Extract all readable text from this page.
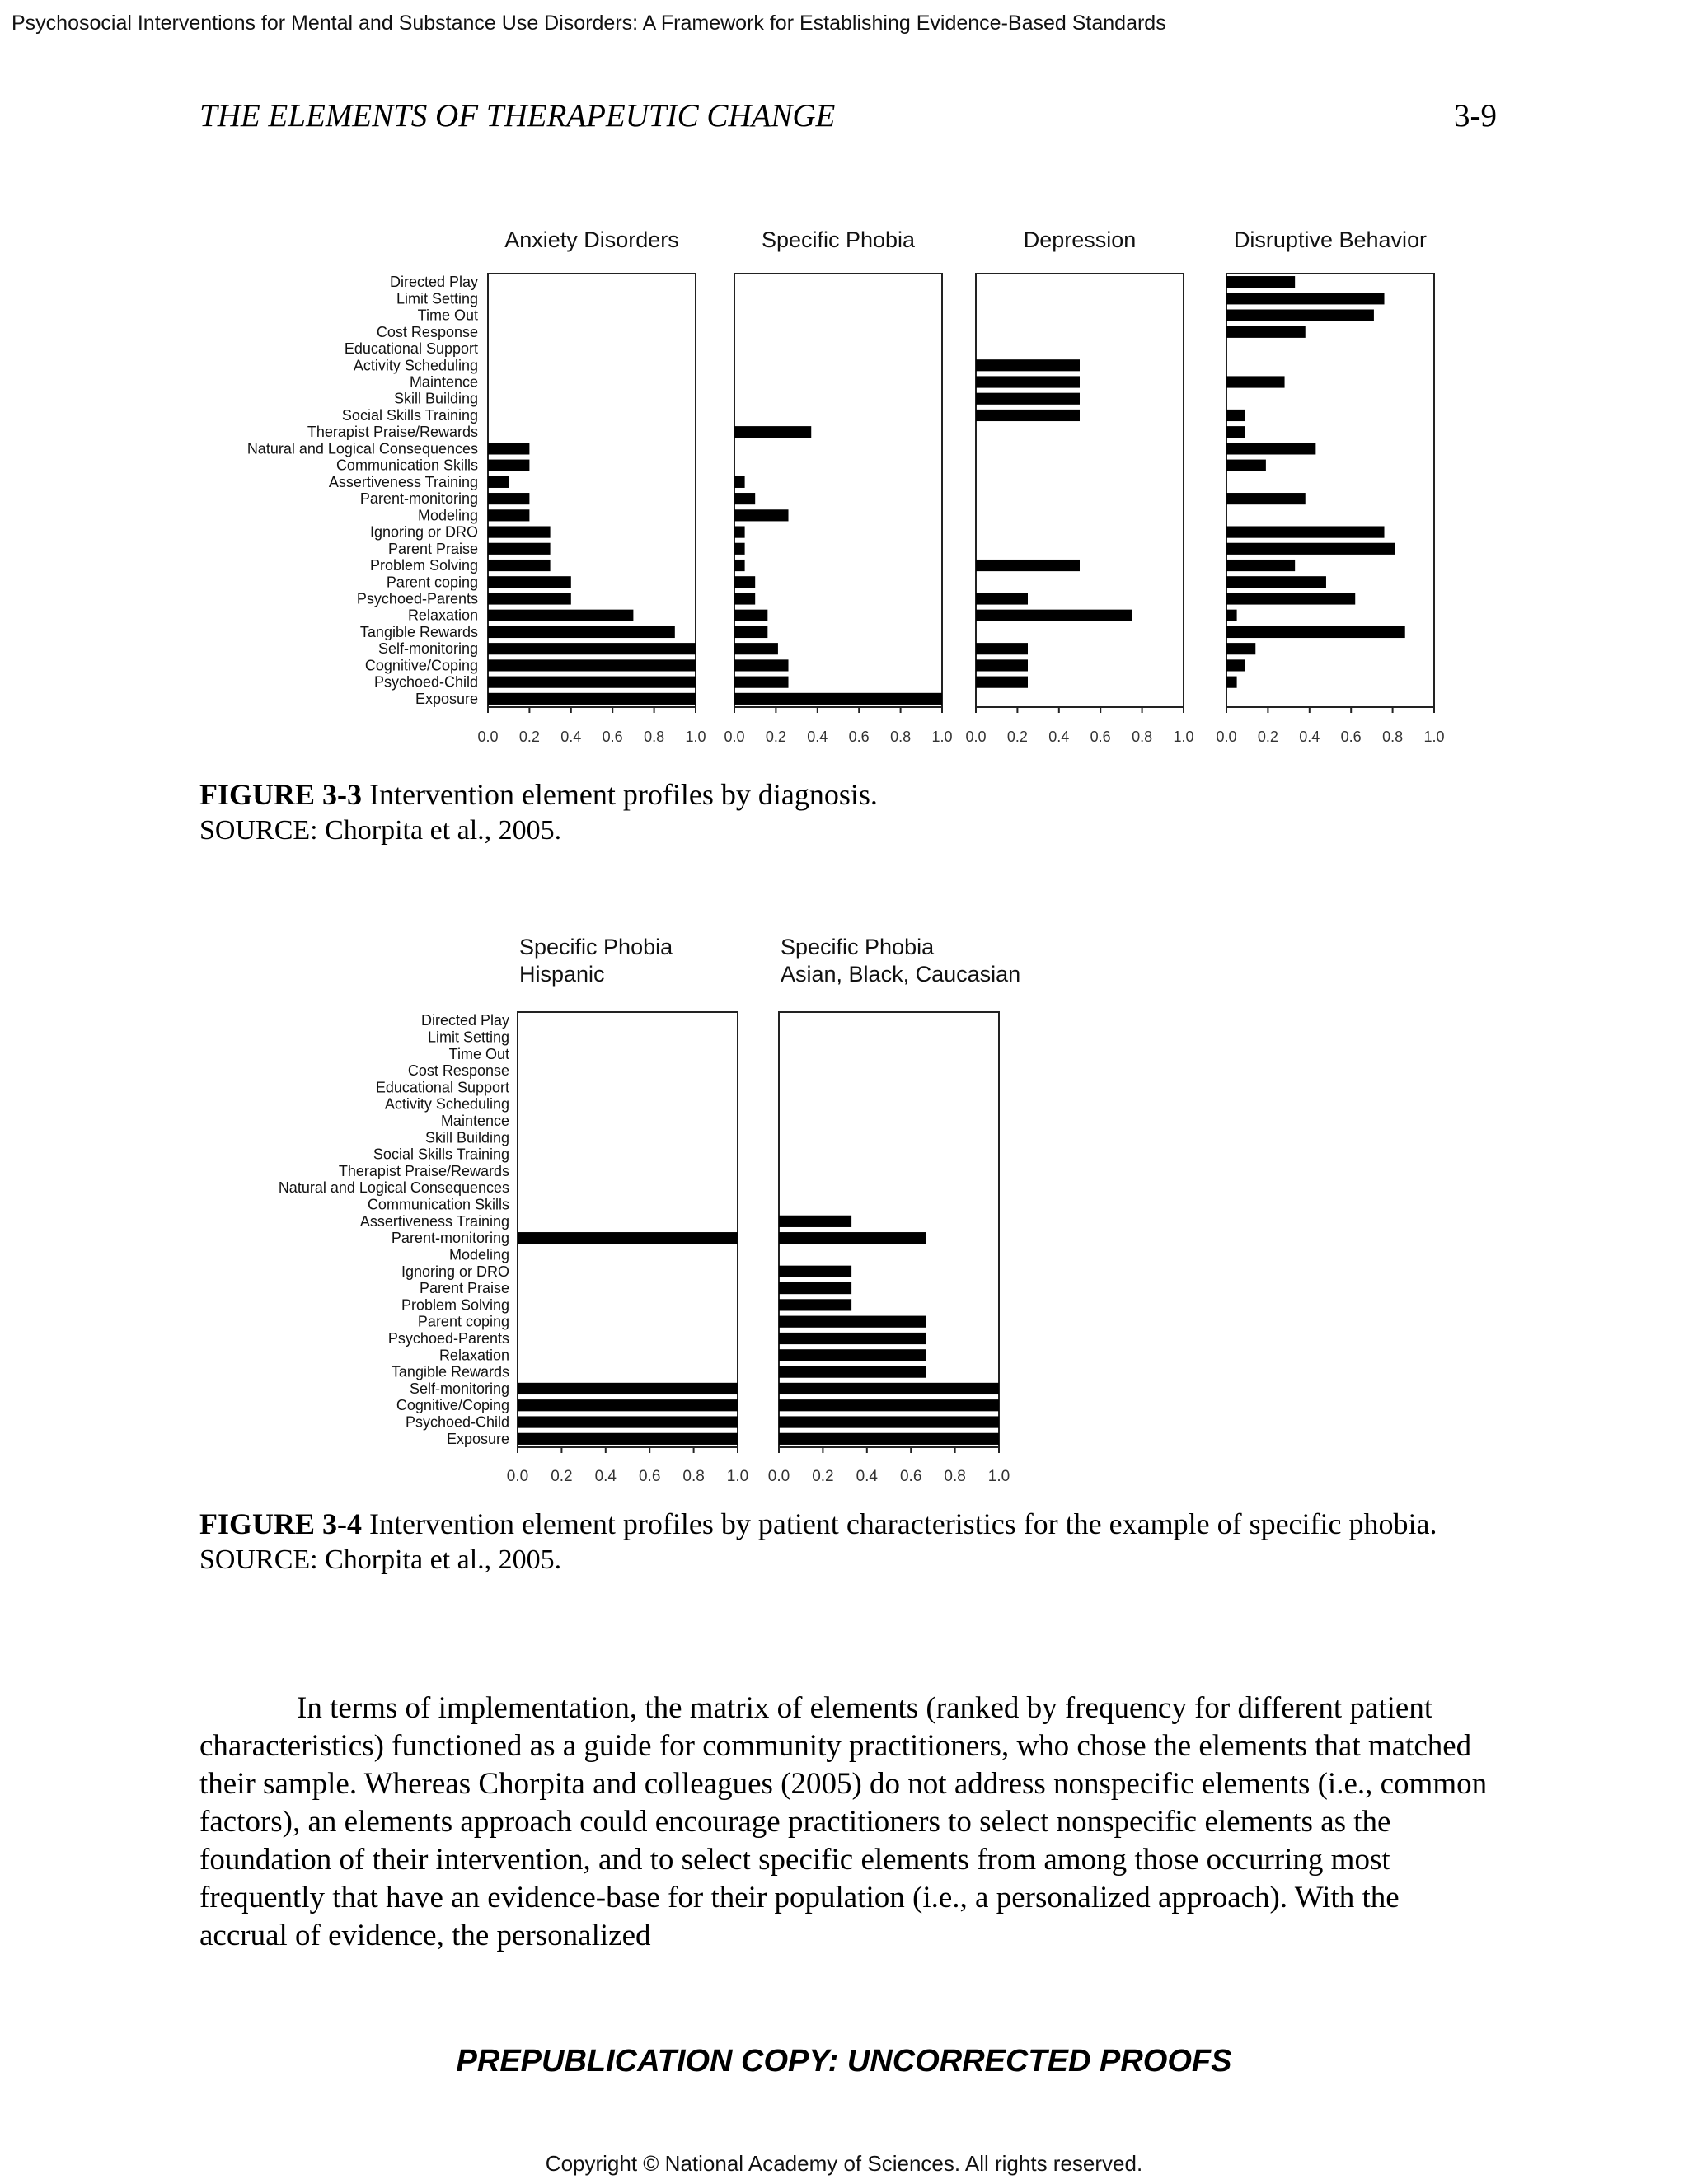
Psychosocial Interventions for Mental and Substance Use Disorders: A Framework for Establishing Evidence-Based Standards
THE ELEMENTS OF THERAPEUTIC CHANGE	3-9
Directed Play
Limit Setting
Time Out
Cost Response
Educational Support
Activity Scheduling
Maintence
Skill Building
Social Skills Training
Therapist Praise/Rewards
Natural and Logical Consequences
Communication Skills
Assertiveness Training
Parent-monitoring
Modeling
Ignoring or DRO
Parent Praise
Problem Solving
Parent coping
Psychoed-Parents
Relaxation
Tangible Rewards
Self-monitoring
Cognitive/Coping
Psychoed-Child
Exposure
Anxiety Disorders
0.0 0.2 0.4 0.6 0.8 1.0
Specific Phobia
0.0 0.2 0.4 0.6 0.8 1.0
Depression
0.0 0.2 0.4 0.6 0.8 1.0
Disruptive Behavior
0.0 0.2 0.4 0.6 0.8 1.0
FIGURE 3-3 Intervention element profiles by diagnosis.
SOURCE: Chorpita et al., 2005.
Directed Play
Limit Setting
Time Out
Cost Response
Educational Support
Activity Scheduling
Maintence
Skill Building
Social Skills Training
Therapist Praise/Rewards
Natural and Logical Consequences
Communication Skills
Assertiveness Training
Parent-monitoring
Modeling
Ignoring or DRO
Parent Praise
Problem Solving
Parent coping
Psychoed-Parents
Relaxation
Tangible Rewards
Self-monitoring
Cognitive/Coping
Psychoed-Child
Exposure
Specific Phobia
Hispanic
0.0 0.2 0.4 0.6 0.8 1.0
Specific Phobia
Asian, Black, Caucasian
0.0 0.2 0.4 0.6 0.8 1.0
FIGURE 3-4 Intervention element profiles by patient characteristics for the example of specific phobia.
SOURCE: Chorpita et al., 2005.

In terms of implementation, the matrix of elements (ranked by frequency for different patient characteristics) functioned as a guide for community practitioners, who chose the elements that matched their sample. Whereas Chorpita and colleagues (2005) do not address nonspecific elements (i.e., common factors), an elements approach could encourage practitioners to select nonspecific elements as the foundation of their intervention, and to select specific elements from among those occurring most frequently that have an evidence-base for their population (i.e., a personalized approach). With the accrual of evidence, the personalized

PREPUBLICATION COPY: UNCORRECTED PROOFS
Copyright © National Academy of Sciences. All rights reserved.
